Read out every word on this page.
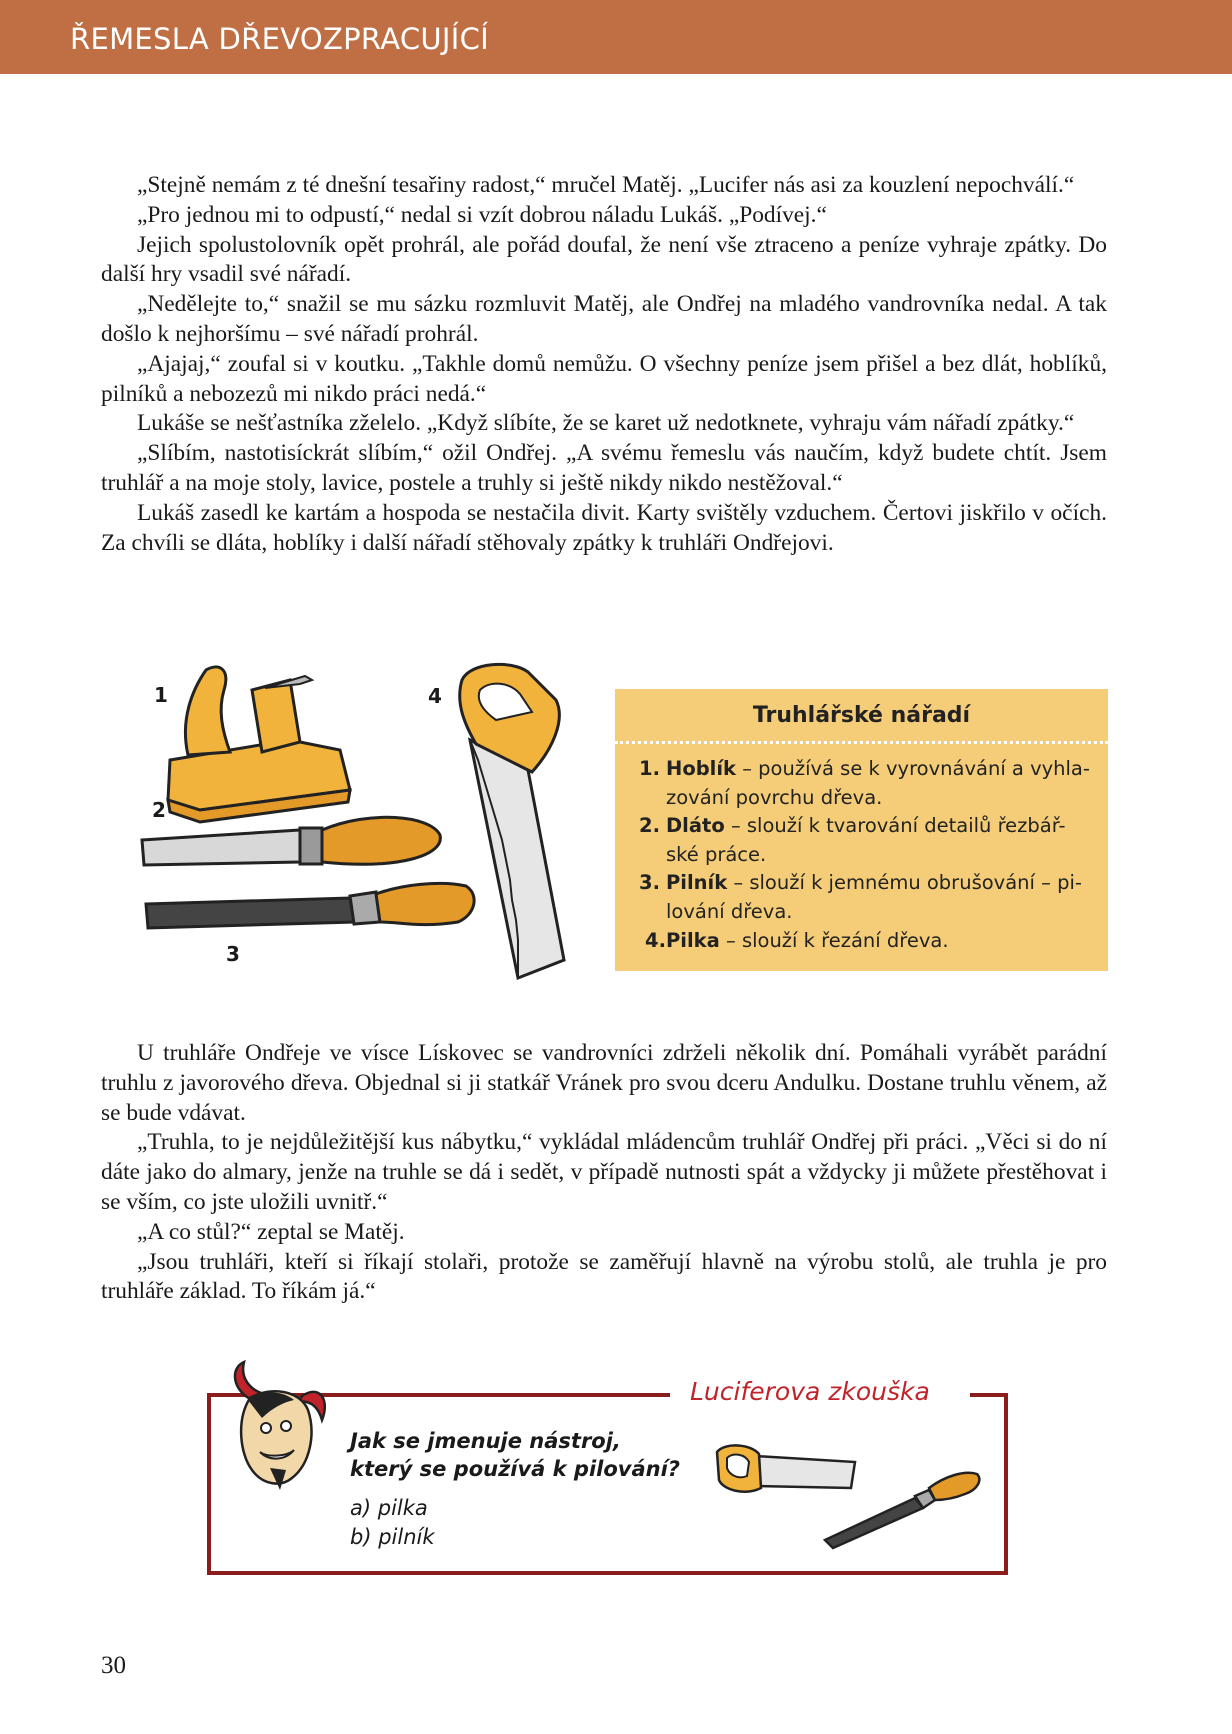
ŘEMESLA DŘEVOZPRACUJÍCÍ

„Stejně nemám z té dnešní tesařiny radost,“ mručel Matěj. „Lucifer nás asi za kouzlení nepochválí.“

„Pro jednou mi to odpustí,“ nedal si vzít dobrou náladu Lukáš. „Podívej.“

Jejich spolustolovník opět prohrál, ale pořád doufal, že není vše ztraceno a peníze vyhraje zpátky. Do další hry vsadil své nářadí.

„Nedělejte to,“ snažil se mu sázku rozmluvit Matěj, ale Ondřej na mladého vandrovníka nedal. A tak došlo k nejhoršímu – své nářadí prohrál.

„Ajajaj,“ zoufal si v koutku. „Takhle domů nemůžu. O všechny peníze jsem přišel a bez dlát, hoblíků, pilníků a nebozezů mi nikdo práci nedá.“

Lukáše se nešťastníka zželelo. „Když slíbíte, že se karet už nedotknete, vyhraju vám nářadí zpátky.“

„Slíbím, nastotisíckrát slíbím,“ ožil Ondřej. „A svému řemeslu vás naučím, když budete chtít. Jsem truhlář a na moje stoly, lavice, postele a truhly si ještě nikdy nikdo nestěžoval.“

Lukáš zasedl ke kartám a hospoda se nestačila divit. Karty svištěly vzduchem. Čertovi jiskřilo v očích. Za chvíli se dláta, hoblíky i další nářadí stěhovaly zpátky k truhláři Ondřejovi.

1
2
3
4
Truhlářské nářadí
1. Hoblík – používá se k vyrovnávání a vyhla-
zování povrchu dřeva.
2. Dláto – slouží k tvarování detailů řezbář-
ské práce.
3. Pilník – slouží k jemnému obrušování – pi-
lování dřeva.
4.Pilka – slouží k řezání dřeva.

U truhláře Ondřeje ve vísce Lískovec se vandrovníci zdrželi několik dní. Pomáhali vyrábět parádní truhlu z javorového dřeva. Objednal si ji statkář Vránek pro svou dceru Andulku. Dostane truhlu věnem, až se bude vdávat.

„Truhla, to je nejdůležitější kus nábytku,“ vykládal mládencům truhlář Ondřej při práci. „Věci si do ní dáte jako do almary, jenže na truhle se dá i sedět, v případě nutnosti spát a vždycky ji můžete přestěhovat i se vším, co jste uložili uvnitř.“

„A co stůl?“ zeptal se Matěj.

„Jsou truhláři, kteří si říkají stolaři, protože se zaměřují hlavně na výrobu stolů, ale truhla je pro truhláře základ. To říkám já.“

Luciferova zkouška
Jak se jmenuje nástroj,
který se používá k pilování?
a) pilka
b) pilník
30
